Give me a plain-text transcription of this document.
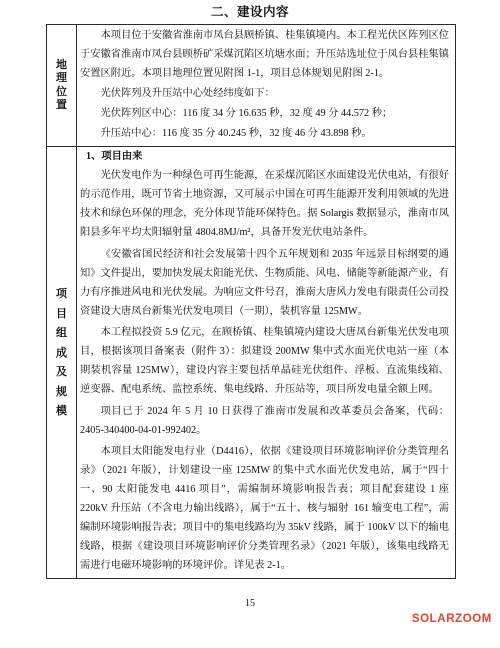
二、建设内容
地理位置

本项目位于安徽省淮南市凤台县顾桥镇、桂集镇境内。本工程光伏区阵列区位于安徽省淮南市凤台县顾桥矿采煤沉陷区坑塘水面；升压站选址位于凤台县桂集镇安置区附近。本项目地理位置见附图 1-1，项目总体规划见附图 2-1。

光伏阵列及升压站中心处经纬度如下：

光伏阵列区中心：116 度 34 分 16.635 秒，32 度 49 分 44.572 秒；

升压站中心：116 度 35 分 40.245 秒，32 度 46 分 43.898 秒。

项目组成及规模

1、项目由来

光伏发电作为一种绿色可再生能源，在采煤沉陷区水面建设光伏电站，有很好的示范作用，既可节省土地资源，又可展示中国在可再生能源开发利用领域的先进技术和绿色环保的理念，充分体现节能环保特色。据 Solargis 数据显示，淮南市凤阳县多年平均太阳辐射量 4804.8MJ/m²，具备开发光伏电站条件。

《安徽省国民经济和社会发展第十四个五年规划和 2035 年远景目标纲要的通知》文件提出，要加快发展太阳能光伏、生物质能、风电、储能等新能源产业，有力有序推进风电和光伏发展。为响应文件号召，淮南大唐风力发电有限责任公司投资建设大唐凤台新集光伏发电项目（一期），装机容量 125MW。

本工程拟投资 5.9 亿元，在顾桥镇、桂集镇境内建设大唐凤台新集光伏发电项目，根据该项目备案表（附件 3）：拟建设 200MW 集中式水面光伏电站一座（本期装机容量 125MW），建设内容主要包括单晶硅光伏组件、浮板、直流集线箱、逆变器、配电系统、监控系统、集电线路、升压站等，项目所发电量全额上网。

项目已于 2024 年 5 月 10 日获得了淮南市发展和改革委员会备案，代码：2405-340400-04-01-992402。

本项目太阳能发电行业（D4416），依据《建设项目环境影响评价分类管理名录》（2021 年版），计划建设一座 125MW 的集中式水面光伏发电站，属于“四十一、90 太阳能发电 4416 项目”，需编制环境影响报告表；项目配套建设 1 座 220kV 升压站（不含电力输出线路），属于“五十、核与辐射  161 输变电工程”，需编制环境影响报告表；项目中的集电线路均为 35kV 线路，属于 100kV 以下的输电线路，根据《建设项目环境影响评价分类管理名录》（2021 年版），该集电线路无需进行电磁环境影响的环境评价。详见表 2-1。

15
SOLARZOOM
